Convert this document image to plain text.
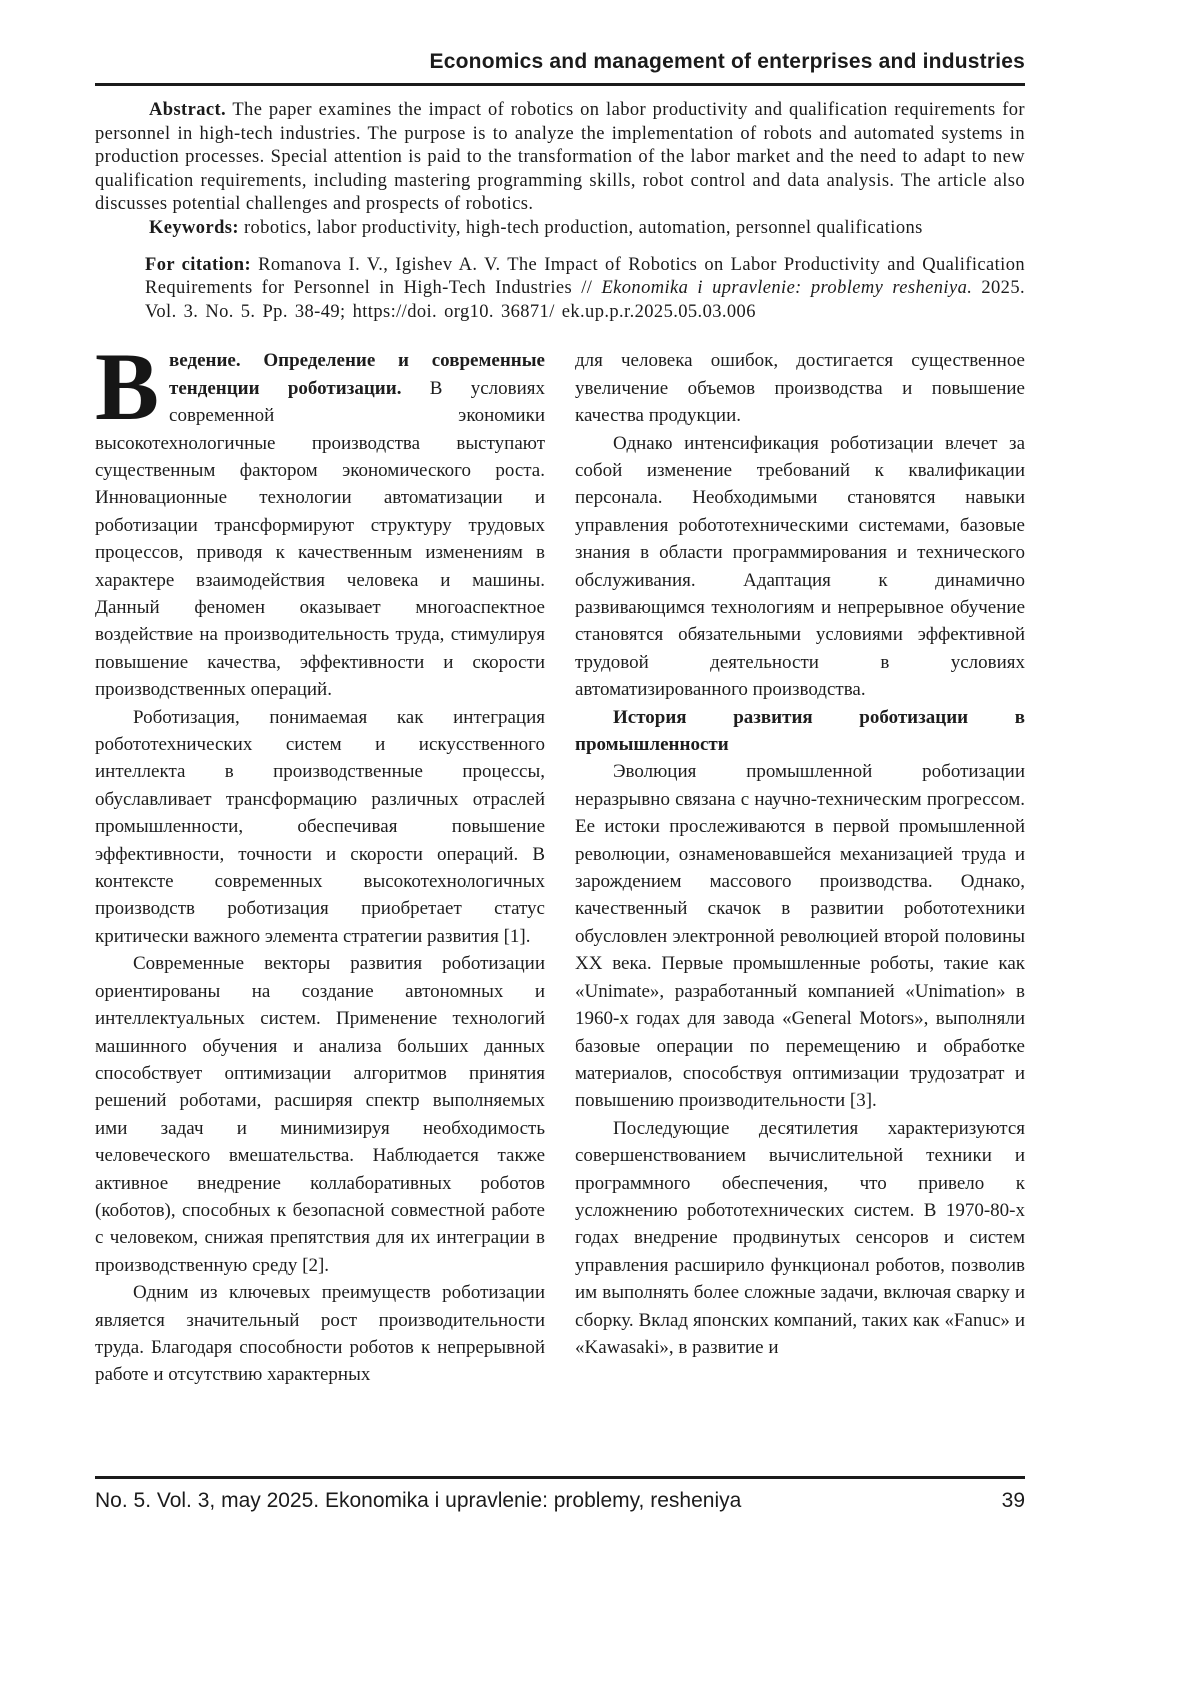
Economics and management of enterprises and industries

Abstract. The paper examines the impact of robotics on labor productivity and qualification requirements for personnel in high-tech industries. The purpose is to analyze the implementation of robots and automated systems in production processes. Special attention is paid to the transformation of the labor market and the need to adapt to new qualification requirements, including mastering programming skills, robot control and data analysis. The article also discusses potential challenges and prospects of robotics.

Keywords: robotics, labor productivity, high-tech production, automation, personnel qualifications

For citation: Romanova I. V., Igishev A. V. The Impact of Robotics on Labor Productivity and Qualification Requirements for Personnel in High-Tech Industries // Ekonomika i upravlenie: problemy resheniya. 2025. Vol. 3. No. 5. Pp. 38-49; https://doi. org10. 36871/ ek.up.p.r.2025.05.03.006

Введение. Определение и современные тенденции роботизации. В условиях современной экономики высокотехнологичные производства выступают существенным фактором экономического роста. Инновационные технологии автоматизации и роботизации трансформируют структуру трудовых процессов, приводя к качественным изменениям в характере взаимодействия человека и машины. Данный феномен оказывает многоаспектное воздействие на производительность труда, стимулируя повышение качества, эффективности и скорости производственных операций.

Роботизация, понимаемая как интеграция робототехнических систем и искусственного интеллекта в производственные процессы, обуславливает трансформацию различных отраслей промышленности, обеспечивая повышение эффективности, точности и скорости операций. В контексте современных высокотехнологичных производств роботизация приобретает статус критически важного элемента стратегии развития [1].

Современные векторы развития роботизации ориентированы на создание автономных и интеллектуальных систем. Применение технологий машинного обучения и анализа больших данных способствует оптимизации алгоритмов принятия решений роботами, расширяя спектр выполняемых ими задач и минимизируя необходимость человеческого вмешательства. Наблюдается также активное внедрение коллаборативных роботов (коботов), способных к безопасной совместной работе с человеком, снижая препятствия для их интеграции в производственную среду [2].

Одним из ключевых преимуществ роботизации является значительный рост производительности труда. Благодаря способности роботов к непрерывной работе и отсутствию характерных

для человека ошибок, достигается существенное увеличение объемов производства и повышение качества продукции.

Однако интенсификация роботизации влечет за собой изменение требований к квалификации персонала. Необходимыми становятся навыки управления робототехническими системами, базовые знания в области программирования и технического обслуживания. Адаптация к динамично развивающимся технологиям и непрерывное обучение становятся обязательными условиями эффективной трудовой деятельности в условиях автоматизированного производства.

История развития роботизации в промышленности

Эволюция промышленной роботизации неразрывно связана с научно-техническим прогрессом. Ее истоки прослеживаются в первой промышленной революции, ознаменовавшейся механизацией труда и зарождением массового производства. Однако, качественный скачок в развитии робототехники обусловлен электронной революцией второй половины XX века. Первые промышленные роботы, такие как «Unimate», разработанный компанией «Unimation» в 1960-х годах для завода «General Motors», выполняли базовые операции по перемещению и обработке материалов, способствуя оптимизации трудозатрат и повышению производительности [3].

Последующие десятилетия характеризуются совершенствованием вычислительной техники и программного обеспечения, что привело к усложнению робототехнических систем. В 1970-80-х годах внедрение продвинутых сенсоров и систем управления расширило функционал роботов, позволив им выполнять более сложные задачи, включая сварку и сборку. Вклад японских компаний, таких как «Fanuc» и «Kawasaki», в развитие и

No. 5. Vol. 3, may 2025. Ekonomika i upravlenie: problemy, resheniya	39
